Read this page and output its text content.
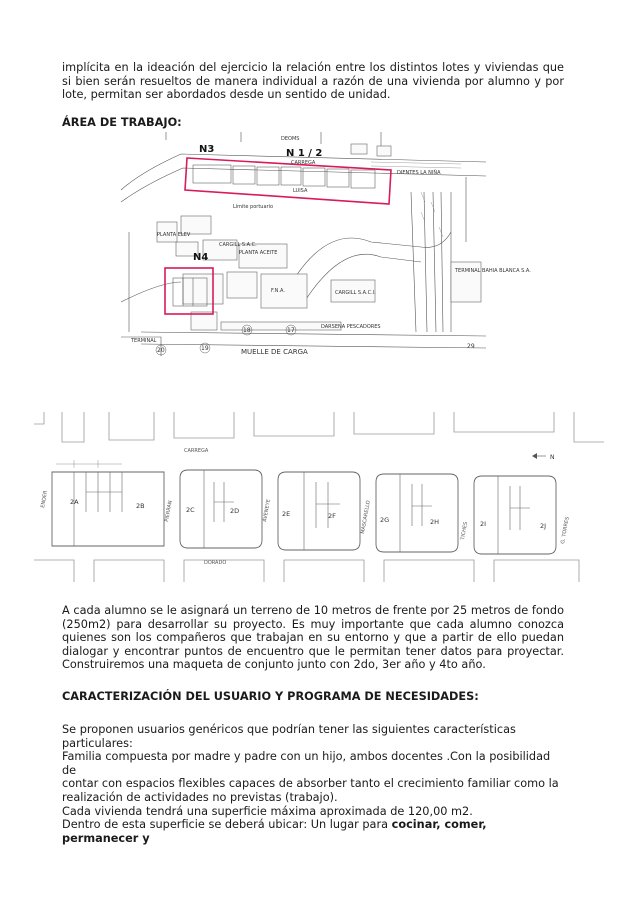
implícita en la ideación del ejercicio la relación entre los distintos lotes y viviendas que si bien serán resueltos de manera individual a razón de una vivienda por alumno y por lote, permitan ser abordados desde un sentido de unidad.

ÁREA DE TRABAJO:

N3	N 1 / 2
N4
DEOMS
CARREGA
LUISA
DIENTES LA NIÑA
Límite portuario
CARGILL S.A.C.
PLANTA ACEITE
PLANTA ELEV
F.N.A.	CARGILL S.A.C.I.
TERMINAL BAHIA BLANCA S.A.
TERMINAL
DARSENA PESCADORES
MUELLE DE CARGA
19
18	17
20
29
CARREGA
DORADO
AVENEYE
PIERRAN	MASCARELLO	TICHES	G. TORRES
ENDER	2A	2B	2C	2D	2E	2F	2G	2H	2I	2J
N

A cada alumno se le asignará un terreno de 10 metros de frente por 25 metros de fondo (250m2) para desarrollar su proyecto. Es muy importante que cada alumno conozca quienes son los compañeros que trabajan en su entorno y que a partir de ello puedan dialogar y encontrar puntos de encuentro que le permitan tener datos para proyectar. Construiremos una maqueta de conjunto junto con 2do, 3er año y 4to año.

CARACTERIZACIÓN DEL USUARIO Y PROGRAMA DE NECESIDADES:

Se proponen usuarios genéricos que podrían tener las siguientes características
particulares:
Familia compuesta por madre y padre con un hijo, ambos docentes .Con la posibilidad de
contar con espacios flexibles capaces de absorber tanto el crecimiento familiar como la
realización de actividades no previstas (trabajo).
Cada vivienda tendrá una superficie máxima aproximada de 120,00 m2.
Dentro de esta superficie se deberá ubicar: Un lugar para cocinar, comer, permanecer y
